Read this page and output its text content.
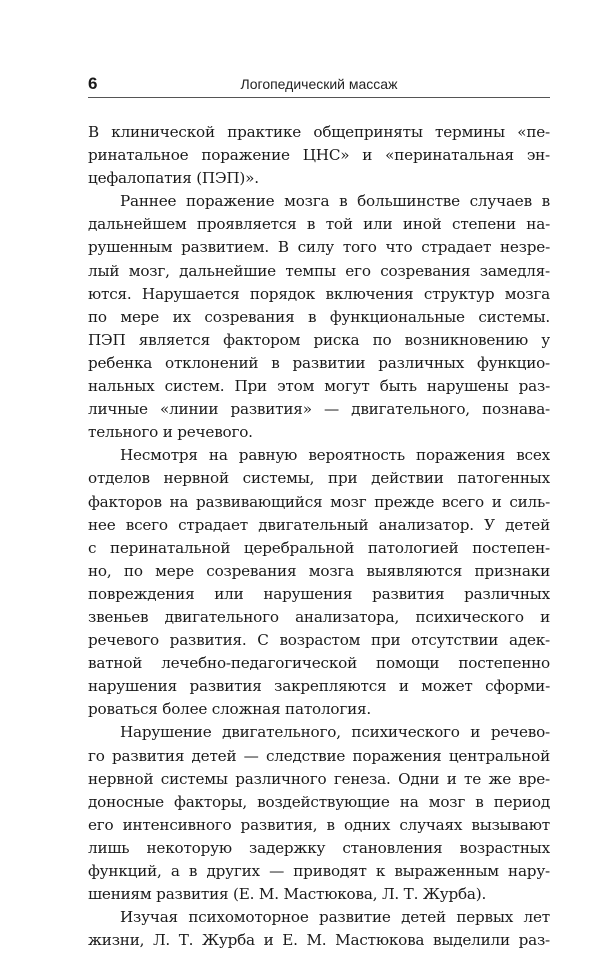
6	Логопедический массаж
В клинической практике общеприняты термины «пе-
ринатальное поражение ЦНС» и «перинатальная эн-
цефалопатия (ПЭП)».
Раннее поражение мозга в большинстве случаев в
дальнейшем проявляется в той или иной степени на-
рушенным развитием. В силу того что страдает незре-
лый мозг, дальнейшие темпы его созревания замедля-
ются. Нарушается порядок включения структур мозга
по мере их созревания в функциональные системы.
ПЭП является фактором риска по возникновению у
ребенка отклонений в развитии различных функцио-
нальных систем. При этом могут быть нарушены раз-
личные «линии развития» — двигательного, познава-
тельного и речевого.
Несмотря на равную вероятность поражения всех
отделов нервной системы, при действии патогенных
факторов на развивающийся мозг прежде всего и силь-
нее всего страдает двигательный анализатор. У детей
с перинатальной церебральной патологией постепен-
но, по мере созревания мозга выявляются признаки
повреждения или нарушения развития различных
звеньев двигательного анализатора, психического и
речевого развития. С возрастом при отсутствии адек-
ватной лечебно-педагогической помощи постепенно
нарушения развития закрепляются и может сформи-
роваться более сложная патология.
Нарушение двигательного, психического и речево-
го развития детей — следствие поражения центральной
нервной системы различного генеза. Одни и те же вре-
доносные факторы, воздействующие на мозг в период
его интенсивного развития, в одних случаях вызывают
лишь некоторую задержку становления возрастных
функций, а в других — приводят к выраженным нару-
шениям развития (Е. М. Мастюкова, Л. Т. Журба).
Изучая психомоторное развитие детей первых лет
жизни, Л. Т. Журба и Е. М. Мастюкова выделили раз-
